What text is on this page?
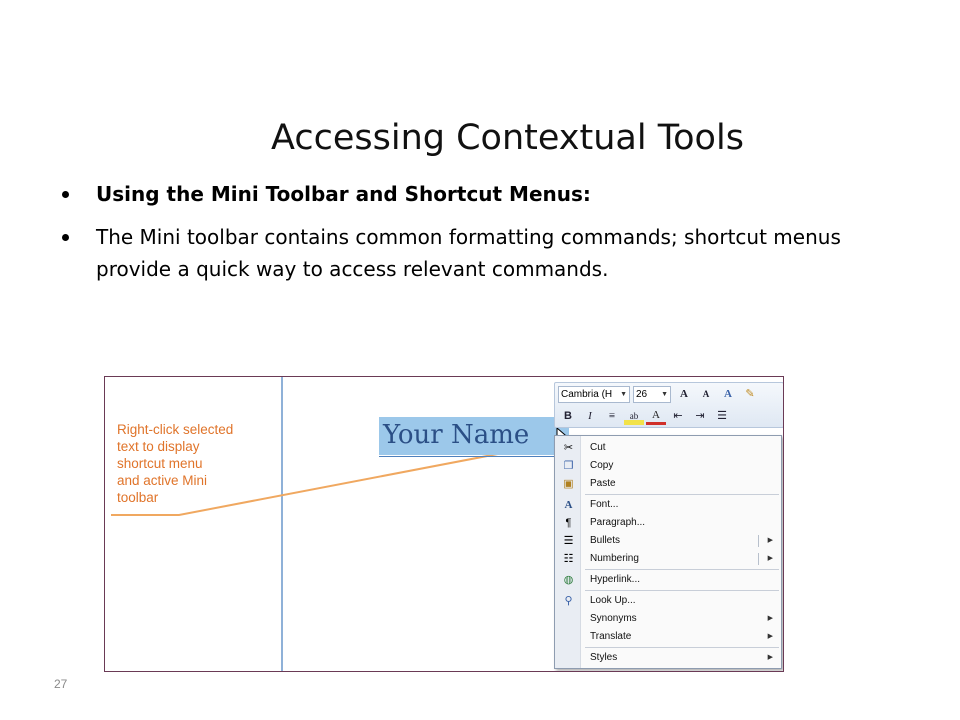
Accessing Contextual Tools
Using the Mini Toolbar and Shortcut Menus:
The Mini toolbar contains common formatting commands; shortcut menus provide a quick way to access relevant commands.
Right-click selected
text to display
shortcut menu
and active Mini
toolbar
Your Name
Cambria (H ▼ 26 ▼	A	A	A	✎
B	I	≡	ab	A	⇤	⇥	☰
✂ Cut
❐ Copy
▣ Paste
A	Font...
¶	Paragraph...
☰ Bullets	▶
☷ Numbering	▶
◍ Hyperlink...
⚲	Look Up...
Synonyms	▶
Translate	▶
Styles	▶
27
